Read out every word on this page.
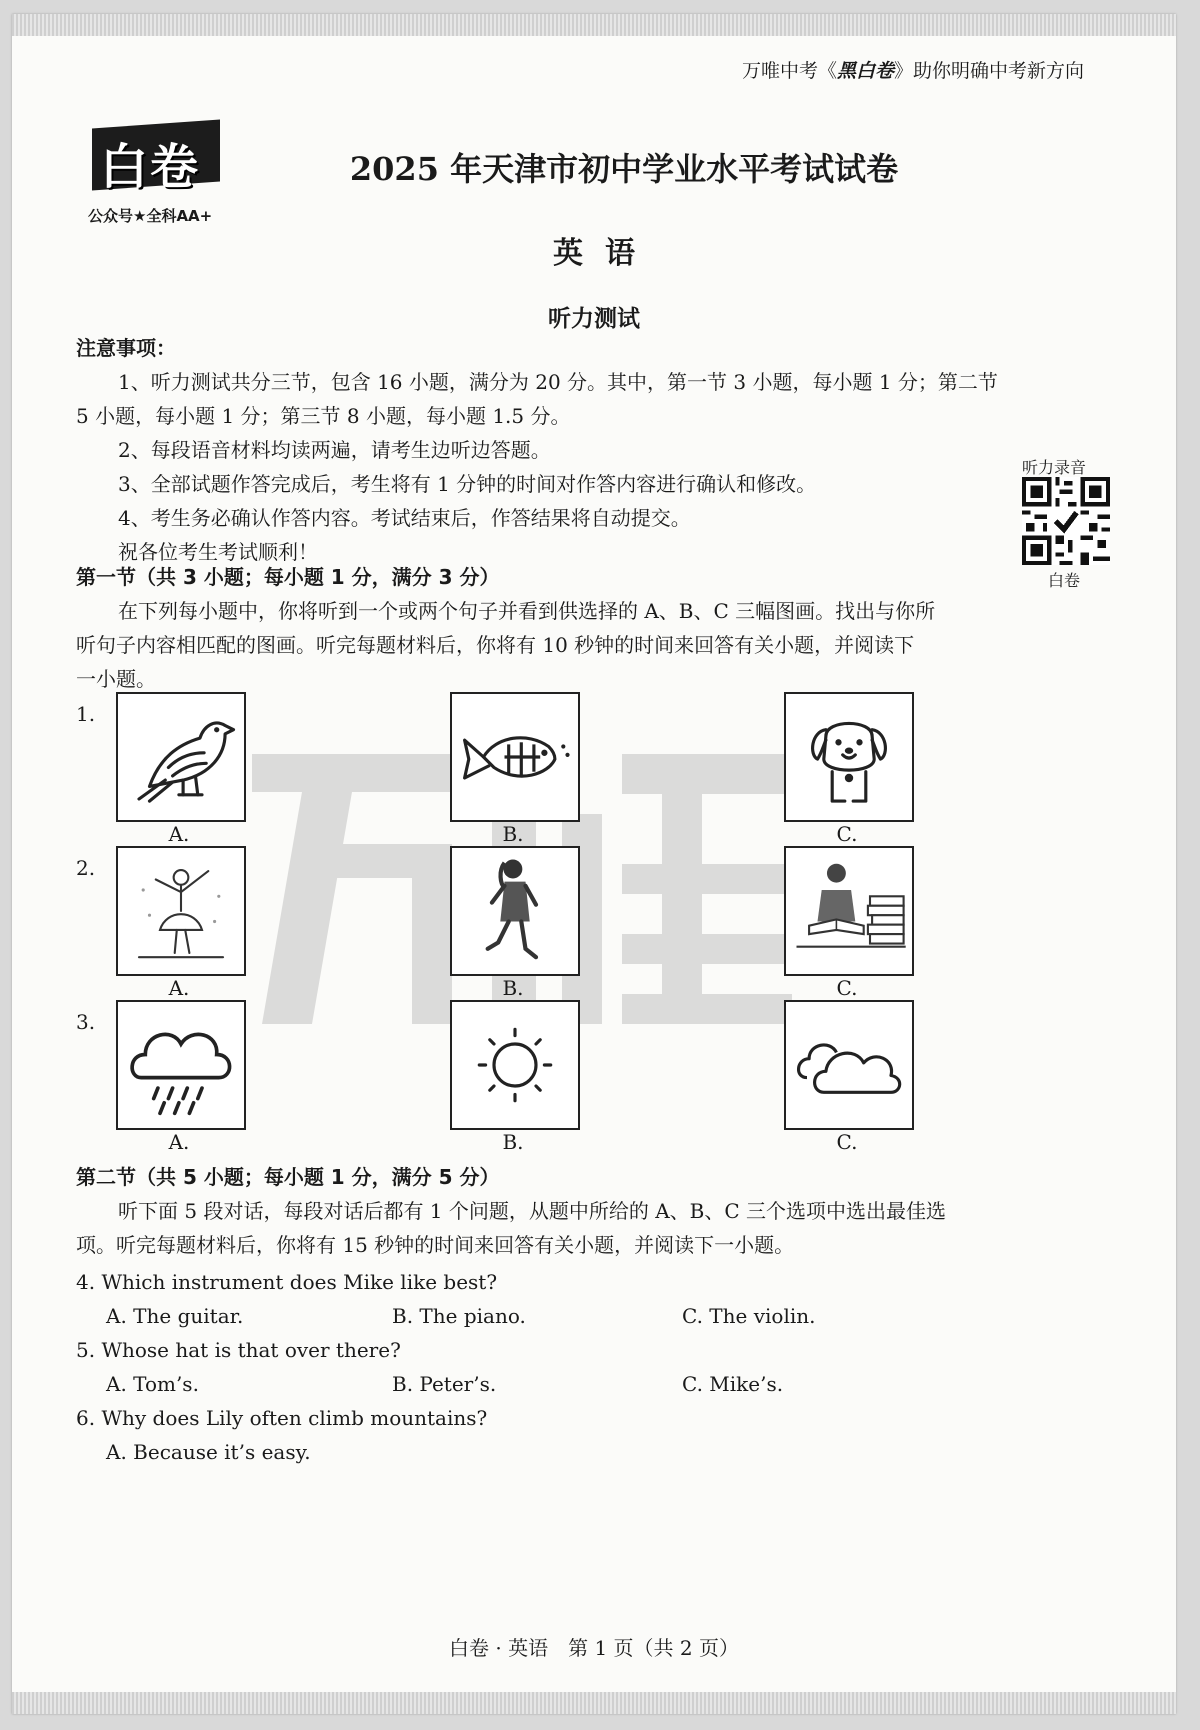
万唯中考《黑白卷》助你明确中考新方向
白卷
公众号★全科AA+
2025 年天津市初中学业水平考试试卷
英语
听力测试
注意事项：
1、听力测试共分三节，包含 16 小题，满分为 20 分。其中，第一节 3 小题，每小题 1 分；第二节
5 小题，每小题 1 分；第三节 8 小题，每小题 1.5 分。
2、每段语音材料均读两遍，请考生边听边答题。
3、全部试题作答完成后，考生将有 1 分钟的时间对作答内容进行确认和修改。
4、考生务必确认作答内容。考试结束后，作答结果将自动提交。
祝各位考生考试顺利！
听力录音
白卷
第一节（共 3 小题；每小题 1 分，满分 3 分）
在下列每小题中，你将听到一个或两个句子并看到供选择的 A、B、C 三幅图画。找出与你所
听句子内容相匹配的图画。听完每题材料后，你将有 10 秒钟的时间来回答有关小题，并阅读下
一小题。
1.
A.	B.	C.
2.
A.	B.	C.
3.
A.	B.	C.
第二节（共 5 小题；每小题 1 分，满分 5 分）
听下面 5 段对话，每段对话后都有 1 个问题，从题中所给的 A、B、C 三个选项中选出最佳选
项。听完每题材料后，你将有 15 秒钟的时间来回答有关小题，并阅读下一小题。
4. Which instrument does Mike like best?
A. The guitar.	B. The piano.	C. The violin.
5. Whose hat is that over there?
A. Tom’s.	B. Peter’s.	C. Mike’s.
6. Why does Lily often climb mountains?
A. Because it’s easy.
白卷 · 英语　第 1 页（共 2 页）
